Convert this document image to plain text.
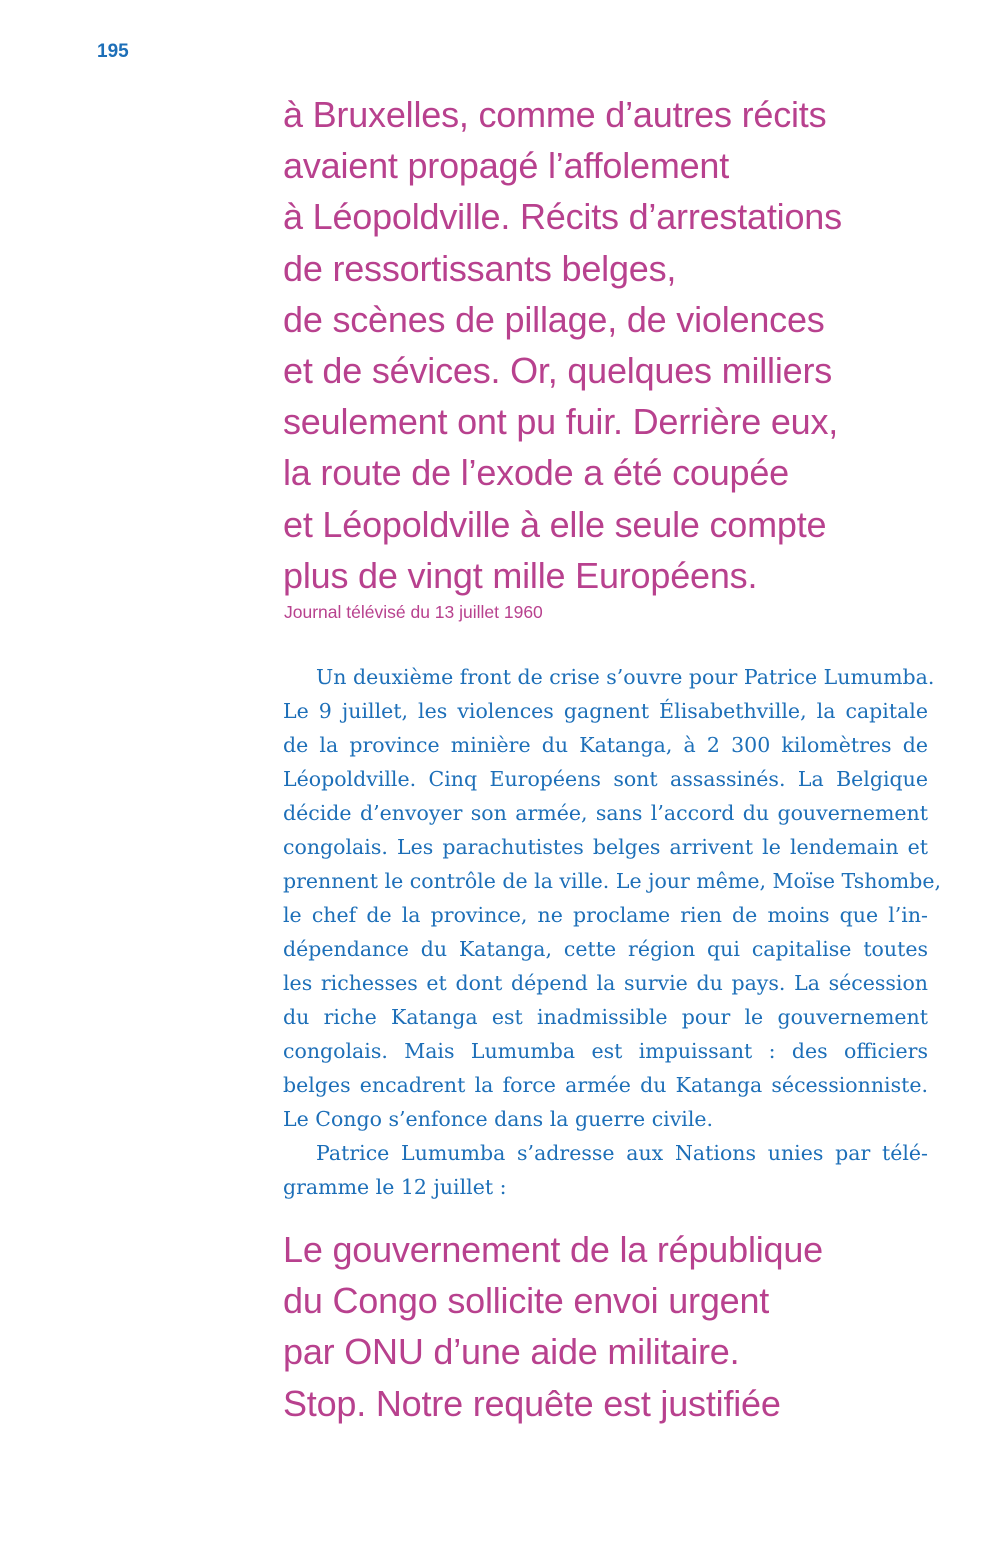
195
à Bruxelles, comme d’autres récits
avaient propagé l’affolement
à Léopoldville. Récits d’arrestations
de ressortissants belges,
de scènes de pillage, de violences
et de sévices. Or, quelques milliers
seulement ont pu fuir. Derrière eux,
la route de l’exode a été coupée
et Léopoldville à elle seule compte
plus de vingt mille Européens.
Journal télévisé du 13 juillet 1960
Un deuxième front de crise s’ouvre pour Patrice Lumumba.
Le 9 juillet, les violences gagnent Élisabethville, la capitale
de la province minière du Katanga, à 2 300 kilomètres de
Léopoldville. Cinq Européens sont assassinés. La Belgique
décide d’envoyer son armée, sans l’accord du gouvernement
congolais. Les parachutistes belges arrivent le lendemain et
prennent le contrôle de la ville. Le jour même, Moïse Tshombe,
le chef de la province, ne proclame rien de moins que l’in-
dépendance du Katanga, cette région qui capitalise toutes
les richesses et dont dépend la survie du pays. La sécession
du riche Katanga est inadmissible pour le gouvernement
congolais. Mais Lumumba est impuissant : des officiers
belges encadrent la force armée du Katanga sécessionniste.
Le Congo s’enfonce dans la guerre civile.
Patrice Lumumba s’adresse aux Nations unies par télé-
gramme le 12 juillet :
Le gouvernement de la république
du Congo sollicite envoi urgent
par ONU d’une aide militaire.
Stop. Notre requête est justifiée
